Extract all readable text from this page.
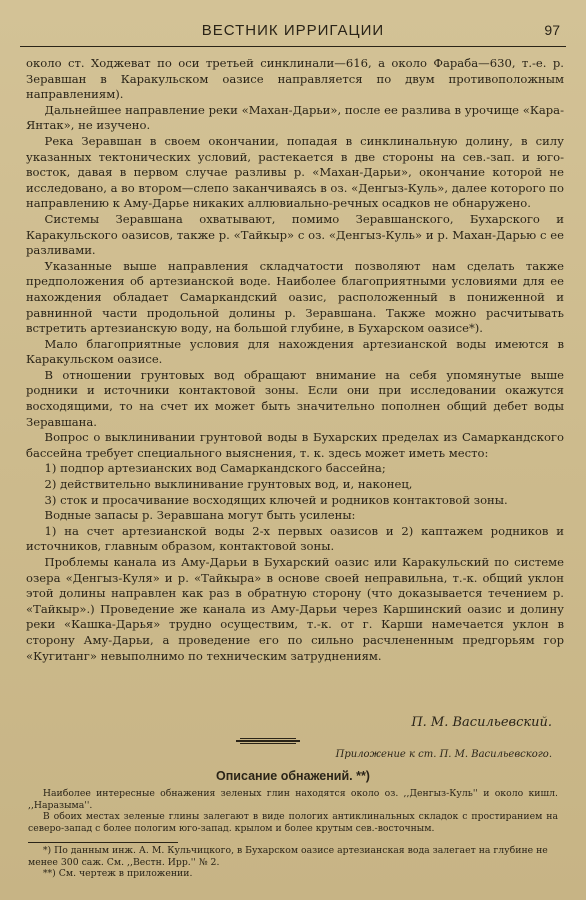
ВЕСТНИК ИРРИГАЦИИ	97

около ст. Ходжеват по оси третьей синклинали—616, а около Фараба—630, т.-е. р. Зеравшан в Каракульском оазисе направляется по двум противоположным направлениям).

Дальнейшее направление реки «Махан-Дарьи», после ее разлива в урочище «Кара-Янтак», не изучено.

Река Зеравшан в своем окончании, попадая в синклинальную долину, в силу указанных тектонических условий, растекается в две стороны на сев.-зап. и юго-восток, давая в первом случае разливы р. «Махан-Дарьи», окончание которой не исследовано, а во втором—слепо заканчиваясь в оз. «Денгыз-Куль», далее которого по направлению к Аму-Дарье никаких аллювиально-речных осадков не обнаружено.

Системы Зеравшана охватывают, помимо Зеравшанского, Бухарского и Каракульского оазисов, также р. «Тайкыр» с оз. «Денгыз-Куль» и р. Махан-Дарью с ее разливами.

Указанные выше направления складчатости позволяют нам сделать также предположения об артезианской воде. Наиболее благоприятными условиями для ее нахождения обладает Самаркандский оазис, расположенный в пониженной и равнинной части продольной долины р. Зеравшана. Также можно расчитывать встретить артезианскую воду, на большой глубине, в Бухарском оазисе*).

Мало благоприятные условия для нахождения артезианской воды имеются в Каракульском оазисе.

В отношении грунтовых вод обращают внимание на себя упомянутые выше родники и источники контактовой зоны. Если они при исследовании окажутся восходящими, то на счет их может быть значительно пополнен общий дебет воды Зеравшана.

Вопрос о выклинивании грунтовой воды в Бухарских пределах из Самаркандского бассейна требует специального выяснения, т. к. здесь может иметь место:

1) подпор артезианских вод Самаркандского бассейна;

2) действительно выклинивание грунтовых вод, и, наконец,

3) сток и просачивание восходящих ключей и родников контактовой зоны.

Водные запасы р. Зеравшана могут быть усилены:

1) на счет артезианской воды 2-х первых оазисов и 2) каптажем родников и источников, главным образом, контактовой зоны.

Проблемы канала из Аму-Дарьи в Бухарский оазис или Каракульский по системе озера «Денгыз-Куля» и р. «Тайкыра» в основе своей неправильна, т.-к. общий уклон этой долины направлен как раз в обратную сторону (что доказывается течением р. «Тайкыр».) Проведение же канала из Аму-Дарьи через Каршинский оазис и долину реки «Кашка-Дарья» трудно осуществим, т.-к. от г. Карши намечается уклон в сторону Аму-Дарьи, а проведение его по сильно расчлененным предгорьям гор «Кугитанг» невыполнимо по техническим затруднениям.

П. М. Васильевский.
Приложение к ст. П. М. Васильевского.
Описание обнажений. **)

Наиболее интересные обнажения зеленых глин находятся около оз. ,,Денгыз-Куль'' и около кишл. ,,Наразыма''.

В обоих местах зеленые глины залегают в виде пологих антиклинальных складок с простиранием на северо-запад с более пологим юго-запад. крылом и более крутым сев.-восточным.

*) По данным инж. А. М. Кульчицкого, в Бухарском оазисе артезианская вода залегает на глубине не менее 300 саж. См. ,,Вестн. Ирр.'' № 2.

**) См. чертеж в приложении.
